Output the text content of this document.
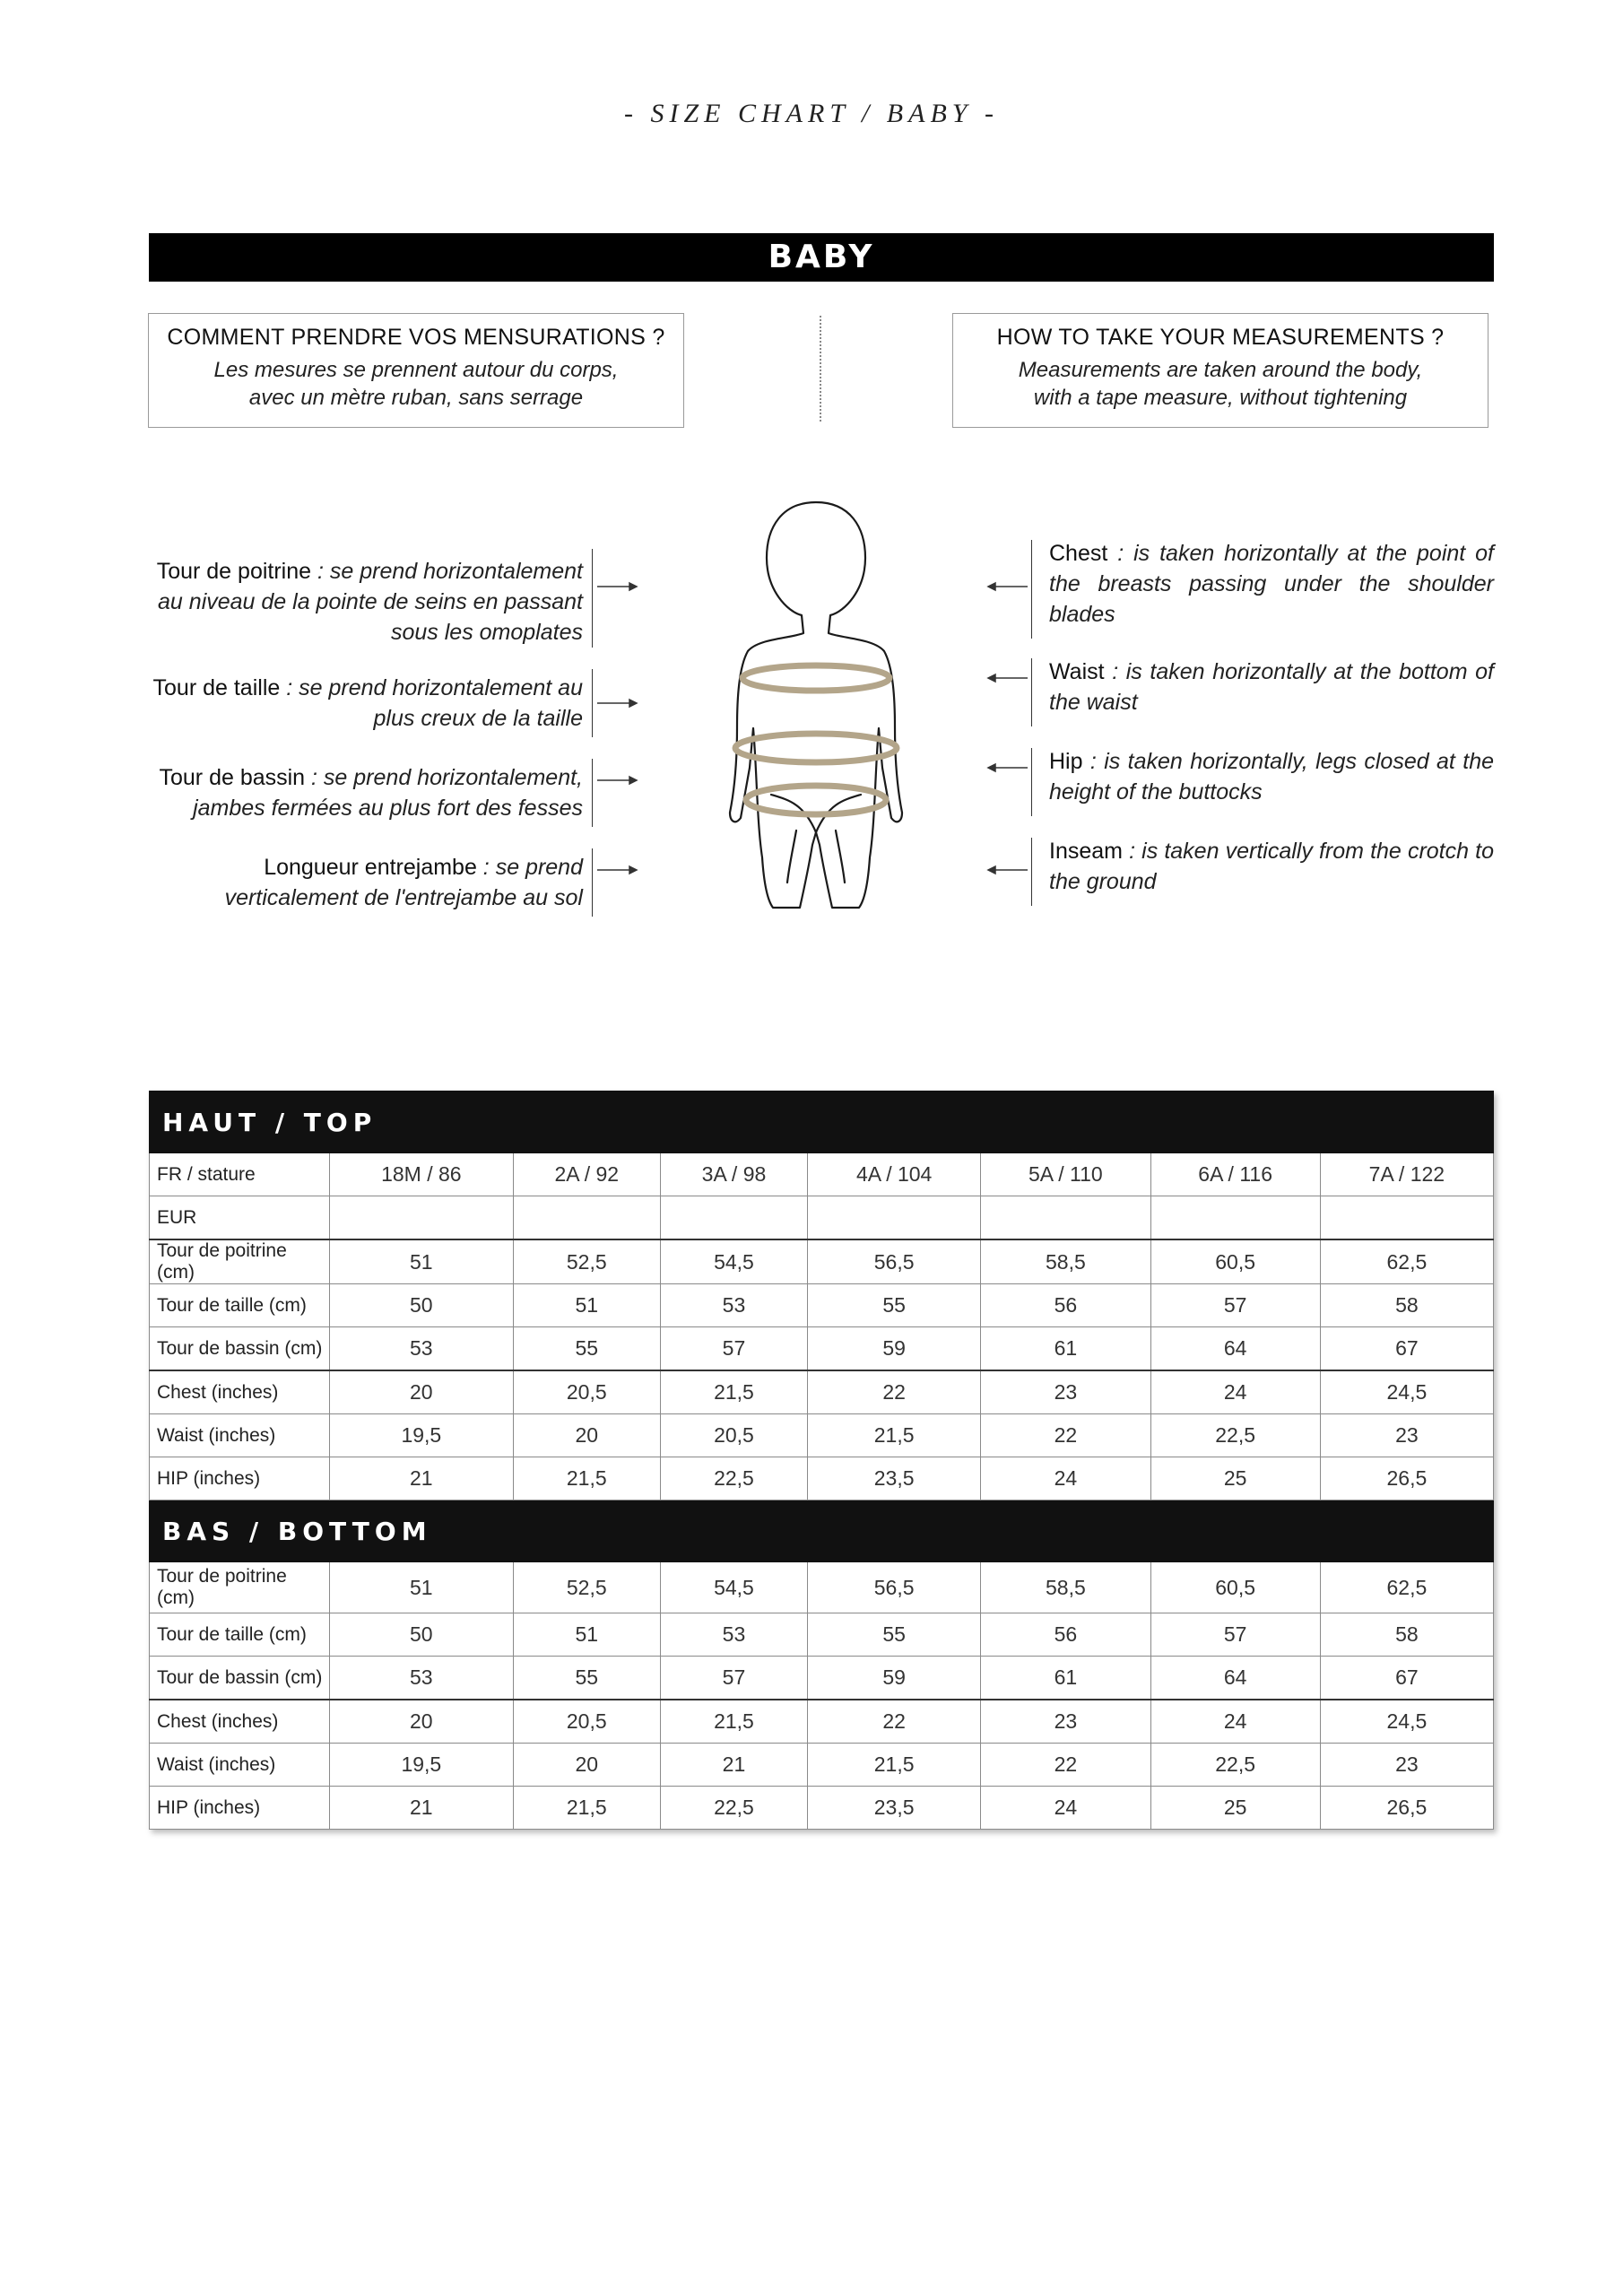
- SIZE CHART / BABY -
BABY
COMMENT PRENDRE VOS MENSURATIONS ?
Les mesures se prennent autour du corps,
avec un mètre ruban, sans serrage
HOW TO TAKE YOUR MEASUREMENTS ?
Measurements are taken around the body,
with a tape measure, without tightening
Tour de poitrine : se prend horizontalement au niveau de la pointe de seins en passant sous les omoplates
Tour de taille : se prend horizontalement au plus creux de la taille
Tour de bassin : se prend horizontalement, jambes fermées au plus fort des fesses
Longueur entrejambe : se prend verticalement de l'entrejambe au sol
Chest : is taken horizontally at the point of the breasts passing under the shoulder blades
Waist : is taken horizontally at the bottom of the waist
Hip : is taken horizontally, legs closed at the height of the buttocks
Inseam : is taken vertically from the crotch to the ground
HAUT / TOP							
FR / stature	18M / 86	2A / 92	3A / 98	4A / 104	5A / 110	6A / 116	7A / 122
EUR							
Tour de poitrine (cm)	51	52,5	54,5	56,5	58,5	60,5	62,5
Tour de taille (cm)	50	51	53	55	56	57	58
Tour de bassin (cm)	53	55	57	59	61	64	67
Chest (inches)	20	20,5	21,5	22	23	24	24,5
Waist (inches)	19,5	20	20,5	21,5	22	22,5	23
HIP (inches)	21	21,5	22,5	23,5	24	25	26,5
BAS / BOTTOM							
Tour de poitrine (cm)	51	52,5	54,5	56,5	58,5	60,5	62,5
Tour de taille (cm)	50	51	53	55	56	57	58
Tour de bassin (cm)	53	55	57	59	61	64	67
Chest (inches)	20	20,5	21,5	22	23	24	24,5
Waist (inches)	19,5	20	21	21,5	22	22,5	23
HIP (inches)	21	21,5	22,5	23,5	24	25	26,5
